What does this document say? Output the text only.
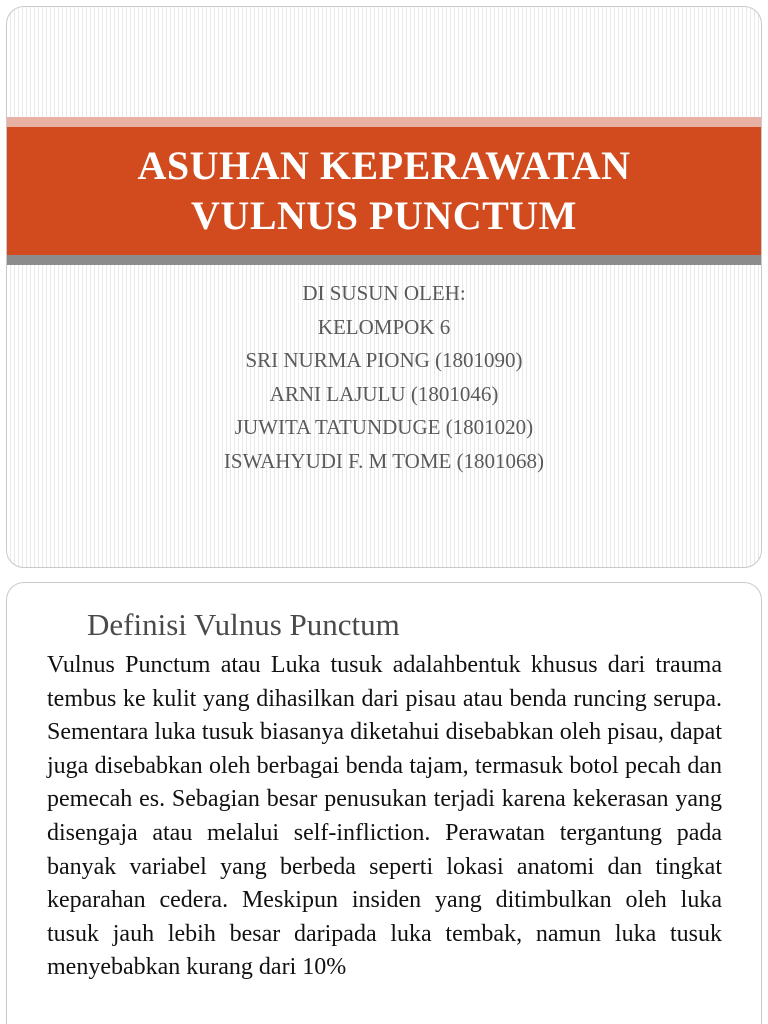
ASUHAN KEPERAWATAN
VULNUS PUNCTUM
DI SUSUN OLEH:
KELOMPOK 6
SRI NURMA PIONG (1801090)
ARNI LAJULU (1801046)
JUWITA TATUNDUGE (1801020)
ISWAHYUDI F. M TOME (1801068)
Definisi Vulnus Punctum

Vulnus Punctum atau Luka tusuk adalahbentuk khusus dari trauma tembus ke kulit yang dihasilkan dari pisau atau benda runcing serupa. Sementara luka tusuk biasanya diketahui disebabkan oleh pisau, dapat juga disebabkan oleh berbagai benda tajam, termasuk botol pecah dan pemecah es. Sebagian besar penusukan terjadi karena kekerasan yang disengaja atau melalui self-infliction. Perawatan tergantung pada banyak variabel yang berbeda seperti lokasi anatomi dan tingkat keparahan cedera. Meskipun insiden yang ditimbulkan oleh luka tusuk jauh lebih besar daripada luka tembak, namun luka tusuk menyebabkan kurang dari 10%
